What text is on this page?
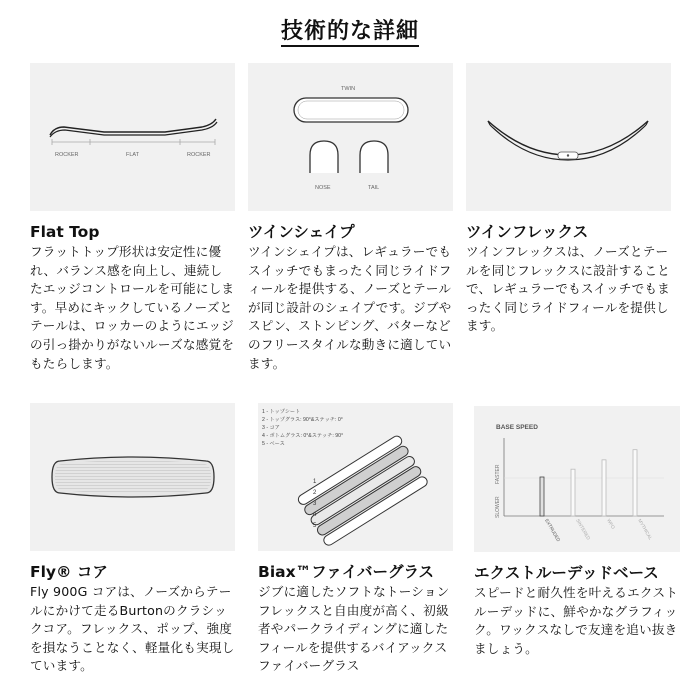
技術的な詳細
ROCKER	FLAT	ROCKER
Flat Top

フラットトップ形状は安定性に優れ、バランス感を向上し、連続したエッジコントロールを可能にします。早めにキックしているノーズとテールは、ロッカーのようにエッジの引っ掛かりがないルーズな感覚をもたらします。

TWIN
NOSE	TAIL
ツインシェイプ

ツインシェイプは、レギュラーでもスイッチでもまったく同じライドフィールを提供する、ノーズとテールが同じ設計のシェイプです。ジブやスピン、ストンピング、バターなどのフリースタイルな動きに適しています。

ツインフレックス

ツインフレックスは、ノーズとテールを同じフレックスに設計することで、レギュラーでもスイッチでもまったく同じライドフィールを提供します。

Fly® コア

Fly 900G コアは、ノーズからテールにかけて走るBurtonのクラシックコア。フレックス、ポップ、強度を損なうことなく、軽量化も実現しています。

1 - トップシート
2 - トップグラス: 90°&ステッチ: 0°
3 - コア
4 - ボトムグラス: 0°&ステッチ: 90°
5 - ベース
1
2
3
4
5
Biax™ファイバーグラス

ジブに適したソフトなトーションフレックスと自由度が高く、初級者やパークライディングに適したフィールを提供するバイアックスファイバーグラス

BASE SPEED
FASTER
SLOWER
EXTRUDED	SINTERED	WFO	MYTHICAL
エクストルーデッドベース

スピードと耐久性を叶えるエクストルーデッドに、鮮やかなグラフィック。ワックスなしで友達を追い抜きましょう。
